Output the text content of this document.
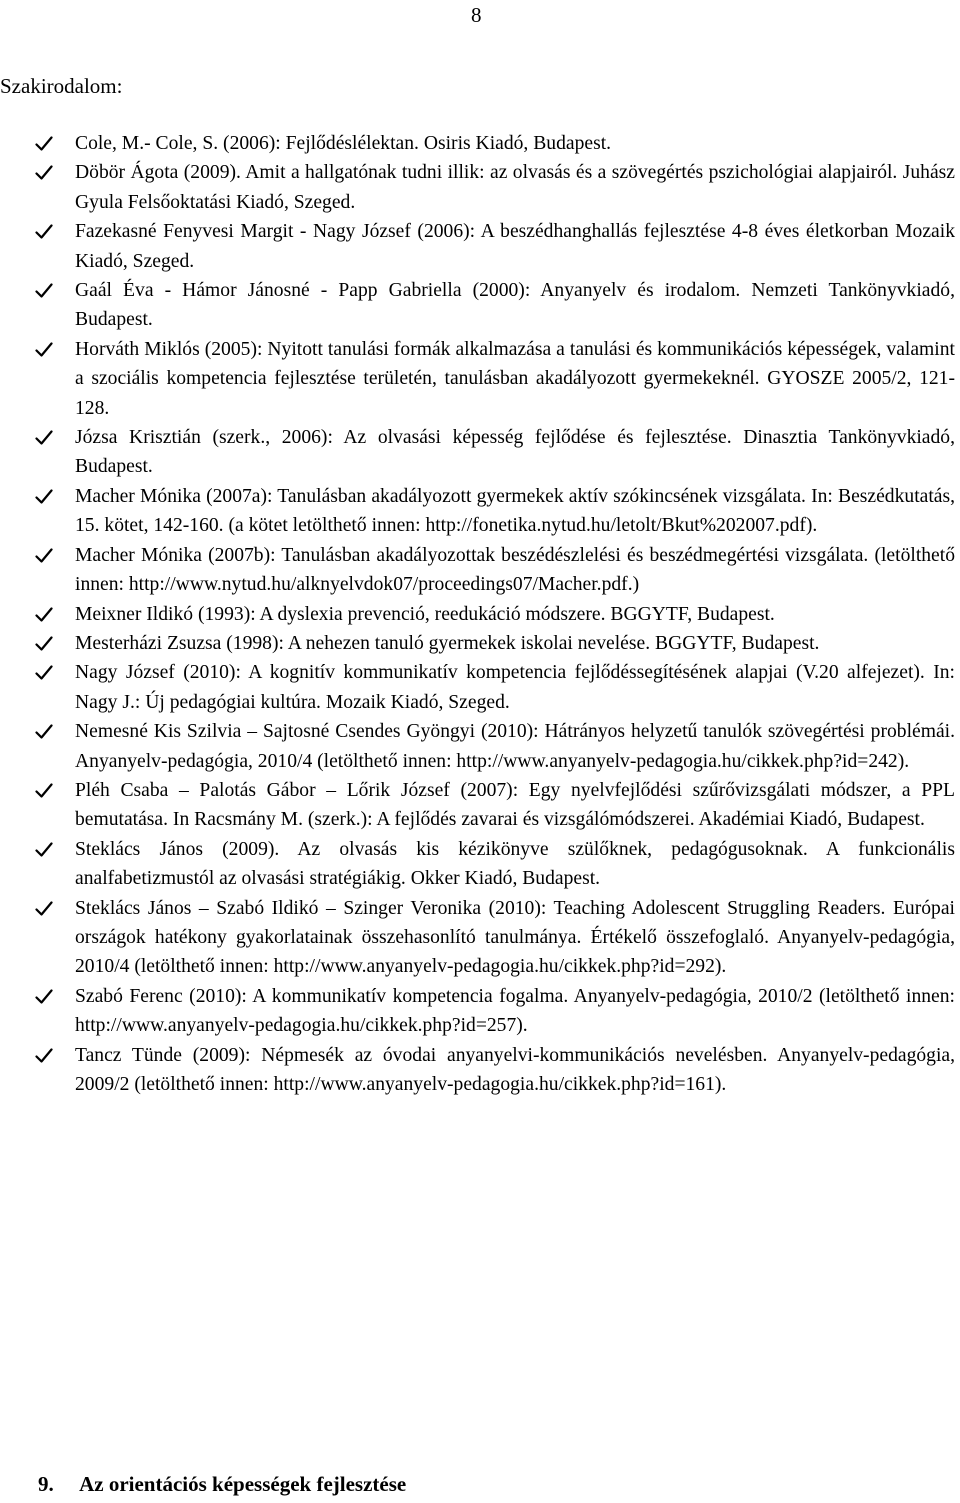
8
Szakirodalom:
Cole, M.- Cole, S. (2006): Fejlődéslélektan. Osiris Kiadó, Budapest.
Döbör Ágota (2009). Amit a hallgatónak tudni illik: az olvasás és a szövegértés pszichológiai alapjairól. Juhász Gyula Felsőoktatási Kiadó, Szeged.
Fazekasné Fenyvesi Margit - Nagy József (2006): A beszédhanghallás fejlesztése 4-8 éves életkorban Mozaik Kiadó, Szeged.
Gaál Éva - Hámor Jánosné - Papp Gabriella (2000): Anyanyelv és irodalom. Nemzeti Tankönyvkiadó, Budapest.
Horváth Miklós (2005): Nyitott tanulási formák alkalmazása a tanulási és kommunikációs képességek, valamint a szociális kompetencia fejlesztése területén, tanulásban akadályozott gyermekeknél. GYOSZE 2005/2, 121-128.
Józsa Krisztián (szerk., 2006): Az olvasási képesség fejlődése és fejlesztése. Dinasztia Tankönyvkiadó, Budapest.
Macher Mónika (2007a): Tanulásban akadályozott gyermekek aktív szókincsének vizsgálata. In: Beszédkutatás, 15. kötet, 142-160. (a kötet letölthető innen: http://fonetika.nytud.hu/letolt/Bkut%202007.pdf).
Macher Mónika (2007b): Tanulásban akadályozottak beszédészlelési és beszédmegértési vizsgálata. (letölthető innen: http://www.nytud.hu/alknyelvdok07/proceedings07/Macher.pdf.)
Meixner Ildikó (1993): A dyslexia prevenció, reedukáció módszere. BGGYTF, Budapest.
Mesterházi Zsuzsa (1998): A nehezen tanuló gyermekek iskolai nevelése. BGGYTF, Budapest.
Nagy József (2010): A kognitív kommunikatív kompetencia fejlődéssegítésének alapjai (V.20 alfejezet). In: Nagy J.: Új pedagógiai kultúra. Mozaik Kiadó, Szeged.
Nemesné Kis Szilvia – Sajtosné Csendes Gyöngyi (2010): Hátrányos helyzetű tanulók szövegértési problémái. Anyanyelv-pedagógia, 2010/4 (letölthető innen: http://www.anyanyelv-pedagogia.hu/cikkek.php?id=242).
Pléh Csaba – Palotás Gábor – Lőrik József (2007): Egy nyelvfejlődési szűrővizsgálati módszer, a PPL bemutatása. In Racsmány M. (szerk.): A fejlődés zavarai és vizsgálómódszerei. Akadémiai Kiadó, Budapest.
Steklács János (2009). Az olvasás kis kézikönyve szülőknek, pedagógusoknak. A funkcionális analfabetizmustól az olvasási stratégiákig. Okker Kiadó, Budapest.
Steklács János – Szabó Ildikó – Szinger Veronika (2010): Teaching Adolescent Struggling Readers. Európai országok hatékony gyakorlatainak összehasonlító tanulmánya. Értékelő összefoglaló. Anyanyelv-pedagógia, 2010/4 (letölthető innen: http://www.anyanyelv-pedagogia.hu/cikkek.php?id=292).
Szabó Ferenc (2010): A kommunikatív kompetencia fogalma. Anyanyelv-pedagógia, 2010/2 (letölthető innen: http://www.anyanyelv-pedagogia.hu/cikkek.php?id=257).
Tancz Tünde (2009): Népmesék az óvodai anyanyelvi-kommunikációs nevelésben. Anyanyelv-pedagógia, 2009/2 (letölthető innen: http://www.anyanyelv-pedagogia.hu/cikkek.php?id=161).
9. Az orientációs képességek fejlesztése
